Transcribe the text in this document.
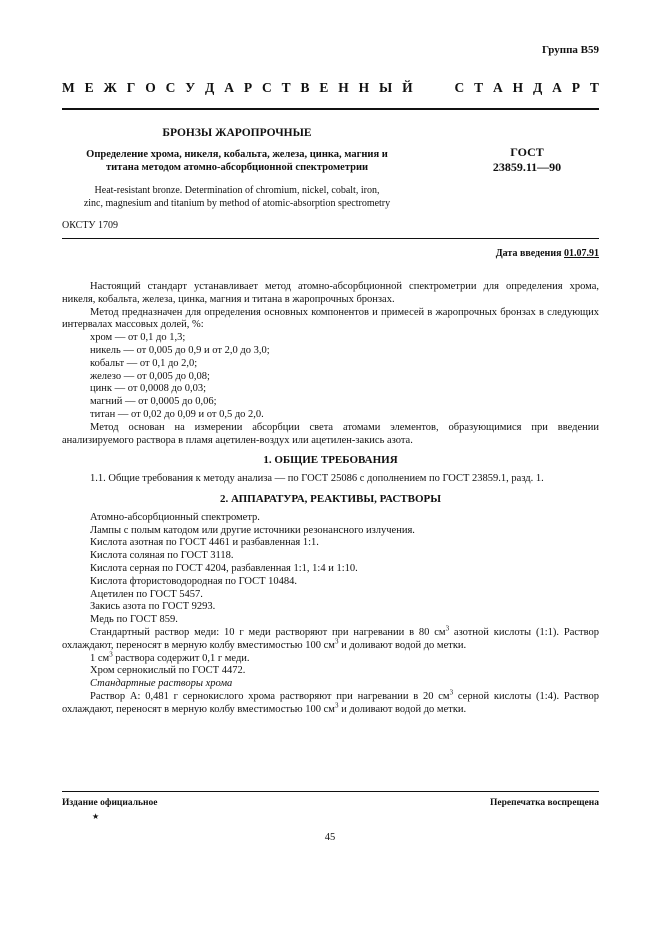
Группа В59
М Е Ж Г О С У Д А Р С Т В Е Н Н Ы Й	С Т А Н Д А Р Т
БРОНЗЫ ЖАРОПРОЧНЫЕ
Определение хрома, никеля, кобальта, железа, цинка, магния и
титана методом атомно-абсорбционной спектрометрии
Heat-resistant bronze. Determination of chromium, nickel, cobalt, iron,
zinc, magnesium and titanium by method of atomic-absorption spectrometry
ОКСТУ 1709
ГОСТ
23859.11—90
Дата введения 01.07.91

Настоящий стандарт устанавливает метод атомно-абсорбционной спектрометрии для определения хрома, никеля, кобальта, железа, цинка, магния и титана в жаропрочных бронзах.

Метод предназначен для определения основных компонентов и примесей в жаропрочных бронзах в следующих интервалах массовых долей, %:

хром — от 0,1 до 1,3;

никель — от 0,005 до 0,9 и от 2,0 до 3,0;

кобальт — от 0,1 до 2,0;

железо — от 0,005 до 0,08;

цинк — от 0,0008 до 0,03;

магний — от 0,0005 до 0,06;

титан — от 0,02 до 0,09 и от 0,5 до 2,0.

Метод основан на измерении абсорбции света атомами элементов, образующимися при введении анализируемого раствора в пламя ацетилен-воздух или ацетилен-закись азота.

1. ОБЩИЕ ТРЕБОВАНИЯ

1.1. Общие требования к методу анализа — по ГОСТ 25086 с дополнением по ГОСТ 23859.1, разд. 1.

2. АППАРАТУРА, РЕАКТИВЫ, РАСТВОРЫ

Атомно-абсорбционный спектрометр.

Лампы с полым катодом или другие источники резонансного излучения.

Кислота азотная по ГОСТ 4461 и разбавленная 1:1.

Кислота соляная по ГОСТ 3118.

Кислота серная по ГОСТ 4204, разбавленная 1:1, 1:4 и 1:10.

Кислота фтористоводородная по ГОСТ 10484.

Ацетилен по ГОСТ 5457.

Закись азота по ГОСТ 9293.

Медь по ГОСТ 859.

Стандартный раствор меди: 10 г меди растворяют при нагревании в 80 $см^3$ азотной кислоты (1:1). Раствор охлаждают, переносят в мерную колбу вместимостью 100 $см^3$ и доливают водой до метки.

1 $см^3$ раствора содержит 0,1 г меди.

Хром сернокислый по ГОСТ 4472.

Стандартные растворы хрома

Раствор А: 0,481 г сернокислого хрома растворяют при нагревании в 20 $см^3$ серной кислоты (1:4). Раствор охлаждают, переносят в мерную колбу вместимостью 100 $см^3$ и доливают водой до метки.

Издание официальное	Перепечатка воспрещена
★
45
